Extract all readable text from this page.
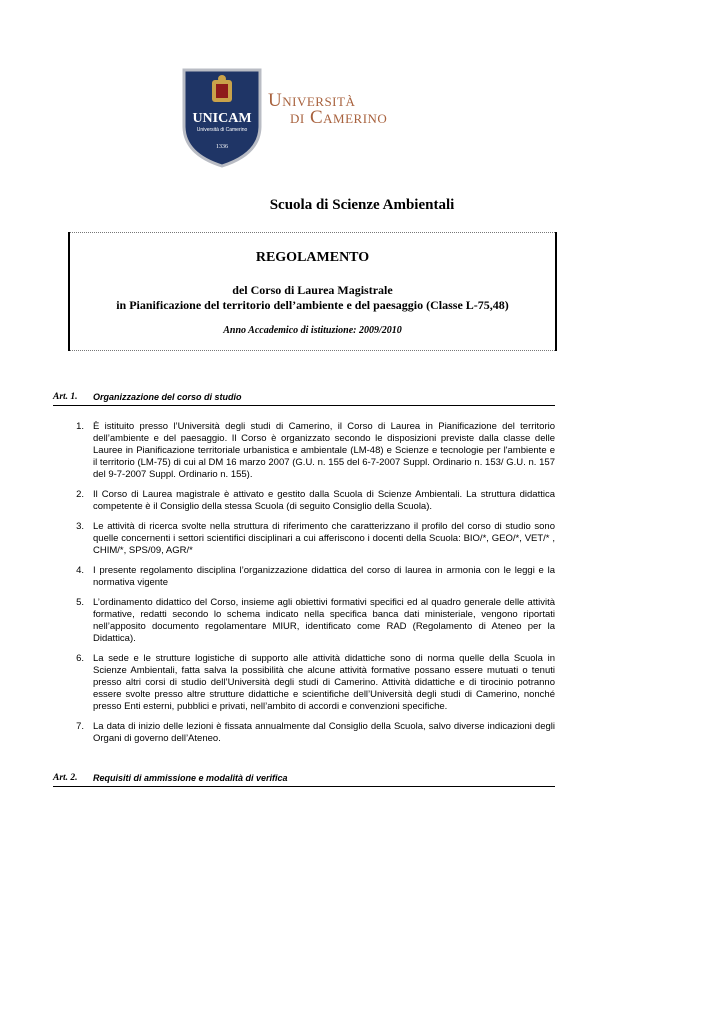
UNICAM
Università di Camerino
1336
Università
di Camerino
Scuola di Scienze Ambientali
REGOLAMENTO
del Corso di Laurea Magistrale
in Pianificazione del territorio dell’ambiente e del paesaggio (Classe L-75,48)
Anno Accademico di istituzione: 2009/2010
Art. 1. Organizzazione del corso di studio
1. È istituito presso l’Università degli studi di Camerino, il Corso di Laurea in Pianificazione del territorio dell’ambiente e del paesaggio. Il Corso è organizzato secondo le disposizioni previste dalla classe delle Lauree in Pianificazione territoriale urbanistica e ambientale (LM-48) e Scienze e tecnologie per l'ambiente e il territorio (LM-75) di cui al DM 16 marzo 2007 (G.U. n. 155 del 6-7-2007 Suppl. Ordinario n. 153/ G.U. n. 157 del 9-7-2007 Suppl. Ordinario n. 155).
2. Il Corso di Laurea magistrale è attivato e gestito dalla Scuola di Scienze Ambientali. La struttura didattica competente è il Consiglio della stessa Scuola (di seguito Consiglio della Scuola).
3. Le attività di ricerca svolte nella struttura di riferimento che caratterizzano il profilo del corso di studio sono quelle concernenti i settori scientifici disciplinari a cui afferiscono i docenti della Scuola: BIO/*, GEO/*, VET/* , CHIM/*, SPS/09, AGR/*
4. I presente regolamento disciplina l’organizzazione didattica del corso di laurea in armonia con le leggi e la normativa vigente
5. L’ordinamento didattico del Corso, insieme agli obiettivi formativi specifici ed al quadro generale delle attività formative, redatti secondo lo schema indicato nella specifica banca dati ministeriale, vengono riportati nell’apposito documento regolamentare MIUR, identificato come RAD (Regolamento di Ateneo per la Didattica).
6. La sede e le strutture logistiche di supporto alle attività didattiche sono di norma quelle della Scuola in Scienze Ambientali, fatta salva la possibilità che alcune attività formative possano essere mutuati o tenuti presso altri corsi di studio dell’Università degli studi di Camerino. Attività didattiche e di tirocinio potranno essere svolte presso altre strutture didattiche e scientifiche dell’Università degli studi di Camerino, nonché presso Enti esterni, pubblici e privati, nell’ambito di accordi e convenzioni specifiche.
7. La data di inizio delle lezioni è fissata annualmente dal Consiglio della Scuola, salvo diverse indicazioni degli Organi di governo dell’Ateneo.
Art. 2. Requisiti di ammissione e modalità di verifica
